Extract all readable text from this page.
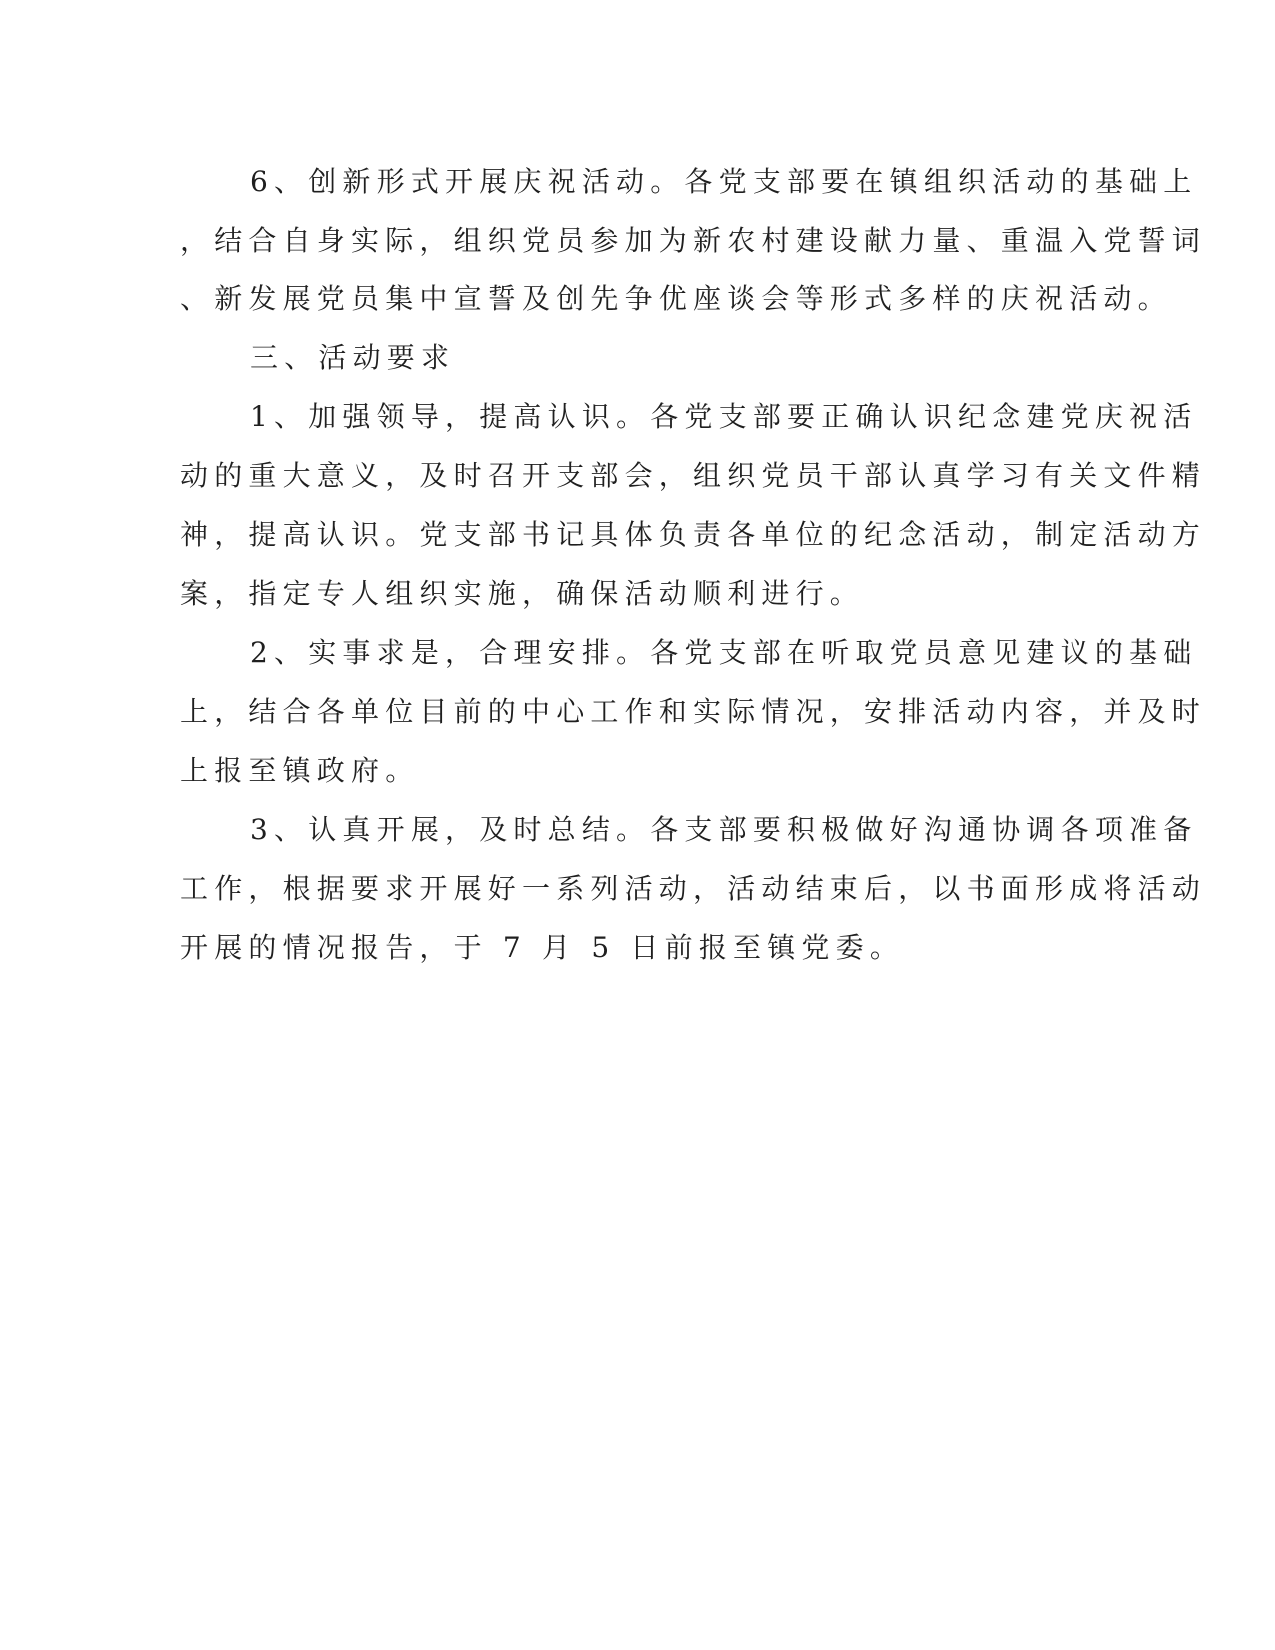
6、创新形式开展庆祝活动。各党支部要在镇组织活动的基础上
，结合自身实际，组织党员参加为新农村建设献力量、重温入党誓词
、新发展党员集中宣誓及创先争优座谈会等形式多样的庆祝活动。
三、活动要求
1、加强领导，提高认识。各党支部要正确认识纪念建党庆祝活
动的重大意义，及时召开支部会，组织党员干部认真学习有关文件精
神，提高认识。党支部书记具体负责各单位的纪念活动，制定活动方
案，指定专人组织实施，确保活动顺利进行。
2、实事求是，合理安排。各党支部在听取党员意见建议的基础
上，结合各单位目前的中心工作和实际情况，安排活动内容，并及时
上报至镇政府。
3、认真开展，及时总结。各支部要积极做好沟通协调各项准备
工作，根据要求开展好一系列活动，活动结束后，以书面形成将活动
开展的情况报告，于 7 月 5 日前报至镇党委。
